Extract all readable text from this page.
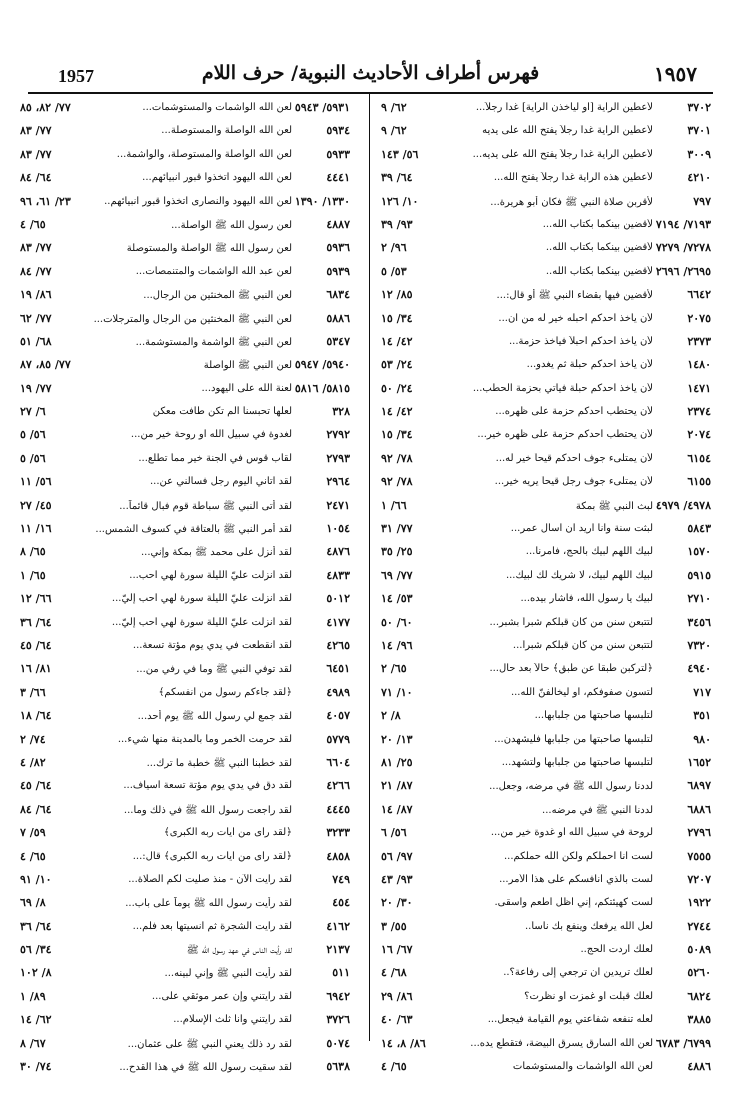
١٩٥٧
فهرس أطراف الأحاديث النبوية/ حرف اللام
1957
٣٧٠٢
لأعطين الراية [أو ليأخذن الراية] غداً رجلاً...
٦٢/ ٩
٣٧٠١
لأعطين الراية غداً رجلاً يفتح الله على يديه
٦٢/ ٩
٣٠٠٩
لأعطين الراية غداً رجلاً يفتح الله على يديه...
٥٦/ ١٤٣
٤٢١٠
لأعطين هذه الراية غداً رجلاً يفتح الله...
٦٤/ ٣٩
٧٩٧
لأقربن صلاة النبي ﷺ فكان أبو هريرة...
١٠/ ١٢٦
٧١٩٣/ ٧١٩٤
لأقضين بينكما بكتاب الله...
٩٣/ ٣٩
٧٢٧٨/ ٧٢٧٩
لأقضين بينكما بكتاب الله..
٩٦/ ٢
٢٦٩٥/ ٢٦٩٦
لأقضين بينكما بكتاب الله..
٥٣/ ٥
٦٦٤٢
لأقضين فيها بقضاء النبي ﷺ أو قال:...
٨٥/ ١٢
٢٠٧٥
لأن يأخذ أحدكم أحبله خير له من أن...
٣٤/ ١٥
٢٣٧٣
لأن يأخذ أحدكم أحبلاً فيأخذ حزمة...
٤٢/ ١٤
١٤٨٠
لأن يأخذ أحدكم حبلة ثم يغدو...
٢٤/ ٥٣
١٤٧١
لأن يأخذ أحدكم حبلة فيأتي بحزمة الحطب...
٢٤/ ٥٠
٢٣٧٤
لأن يحتطب أحدكم حزمة على ظهره...
٤٢/ ١٤
٢٠٧٤
لأن يحتطب أحدكم حزمة على ظهره خير...
٣٤/ ١٥
٦١٥٤
لأن يمتلىء جوف أحدكم قيحاً خير له...
٧٨/ ٩٢
٦١٥٥
لأن يمتلىء جوف رجل قيحاً يريه خير...
٧٨/ ٩٢
٤٩٧٨/ ٤٩٧٩
لبث النبي ﷺ بمكة
٦٦/ ١
٥٨٤٣
لبثت سنة وأنا أريد أن أسأل عمر...
٧٧/ ٣١
١٥٧٠
لبيك اللهم لبيك بالحج، فأمرنا...
٢٥/ ٣٥
٥٩١٥
لبيك اللهم لبيك، لا شريك لك لبيك...
٧٧/ ٦٩
٢٧١٠
لبيك يا رسول الله، فأشار بيده...
٥٣/ ١٤
٣٤٥٦
لتتبعن سنن من كان قبلكم شبراً بشبر...
٦٠/ ٥٠
٧٣٢٠
لتتبعن سنن من كان قبلكم شبراً...
٩٦/ ١٤
٤٩٤٠
﴿لتركبن طبقاً عن طبق﴾ حالاً بعد حال...
٦٥/ ٢
٧١٧
لتسون صفوفكم، أو ليخالفنّ الله...
١٠/ ٧١
٣٥١
لتلبسها صاحبتها من جلبابها...
٨/ ٢
٩٨٠
لتلبسها صاحبتها من جلبابها فليشهدن...
١٣/ ٢٠
١٦٥٢
لتلبسها صاحبتها من جلبابها ولتشهد...
٢٥/ ٨١
٦٨٩٧
لددنا رسول الله ﷺ في مرضه، وجعل...
٨٧/ ٢١
٦٨٨٦
لددنا النبي ﷺ في مرضه...
٨٧/ ١٤
٢٧٩٦
لروحة في سبيل الله أو غدوة خير من...
٥٦/ ٦
٧٥٥٥
لست أنا أحملكم ولكن الله حملكم...
٩٧/ ٥٦
٧٢٠٧
لست بالذي أنافسكم على هذا الأمر...
٩٣/ ٤٣
١٩٢٢
لست كهيئتكم، إني أظل أطعم وأسقى.
٣٠/ ٢٠
٢٧٤٤
لعل الله يرفعك وينفع بك ناساً..
٥٥/ ٣
٥٠٨٩
لعلك أردت الحج..
٦٧/ ١٦
٥٢٦٠
لعلك تريدين أن ترجعي إلى رفاعة؟..
٦٨/ ٤
٦٨٢٤
لعلك قبلت أو غمزت أو نظرت؟
٨٦/ ٢٩
٣٨٨٥
لعله تنفعه شفاعتي يوم القيامة فيجعل...
٦٣/ ٤٠
٦٧٩٩/ ٦٧٨٣
لعن الله السارق يسرق البيضة، فتقطع يده...
٨٦/ ٨، ١٤
٤٨٨٦
لعن الله الواشمات والمستوشمات
٦٥/ ٤
٥٩٣١/ ٥٩٤٣
لعن الله الواشمات والمستوشمات...
٧٧/ ٨٢، ٨٥
٥٩٣٤
لعن الله الواصلة والمستوصلة...
٧٧/ ٨٣
٥٩٣٣
لعن الله الواصلة والمستوصلة، والواشمة...
٧٧/ ٨٣
٤٤٤١
لعن الله اليهود اتخذوا قبور أنبيائهم...
٦٤/ ٨٤
١٣٣٠/ ١٣٩٠
لعن الله اليهود والنصارى اتخذوا قبور أنبيائهم..
٢٣/ ٦١، ٩٦
٤٨٨٧
لعن رسول الله ﷺ الواصلة...
٦٥/ ٤
٥٩٣٦
لعن رسول الله ﷺ الواصلة والمستوصلة
٧٧/ ٨٣
٥٩٣٩
لعن عبد الله الواشمات والمتنمصات...
٧٧/ ٨٤
٦٨٣٤
لعن النبي ﷺ المخنثين من الرجال...
٨٦/ ١٩
٥٨٨٦
لعن النبي ﷺ المخنثين من الرجال والمترجلات...
٧٧/ ٦٢
٥٣٤٧
لعن النبي ﷺ الواشمة والمستوشمة...
٦٨/ ٥١
٥٩٤٠/ ٥٩٤٧
لعن النبي ﷺ الواصلة
٧٧/ ٨٥، ٨٧
٥٨١٥/ ٥٨١٦
لعنة الله على اليهود...
٧٧/ ١٩
٣٢٨
لعلها تحبسنا ألم تكن طافت معكن
٦/ ٢٧
٢٧٩٢
لغدوة في سبيل الله أو روحة خير من...
٥٦/ ٥
٢٧٩٣
لقاب قوس في الجنة خير مما تطلع...
٥٦/ ٥
٢٩٦٤
لقد أتاني اليوم رجل فسألني عن...
٥٦/ ١١
٢٤٧١
لقد أتى النبي ﷺ سباطة قوم فبال قائماً...
٤٥/ ٢٧
١٠٥٤
لقد أمر النبي ﷺ بالعتاقة في كسوف الشمس...
١٦/ ١١
٤٨٧٦
لقد أنزل على محمد ﷺ بمكة وإني...
٦٥/ ٨
٤٨٣٣
لقد أنزلت عليّ الليلة سورة لهي أحب...
٦٥/ ١
٥٠١٢
لقد أنزلت عليّ الليلة سورة لهي أحب إليّ...
٦٦/ ١٢
٤١٧٧
لقد أنزلت عليّ الليلة سورة لهي أحب إليّ...
٦٤/ ٣٦
٤٢٦٥
لقد انقطعت في يدي يوم مؤتة تسعة...
٦٤/ ٤٥
٦٤٥١
لقد توفي النبي ﷺ وما في رفي من...
٨١/ ١٦
٤٩٨٩
﴿لقد جاءكم رسول من أنفسكم﴾
٦٦/ ٣
٤٠٥٧
لقد جمع لي رسول الله ﷺ يوم أحد...
٦٤/ ١٨
٥٧٧٩
لقد حرمت الخمر وما بالمدينة منها شيء...
٧٤/ ٢
٦٦٠٤
لقد خطبنا النبي ﷺ خطبة ما ترك...
٨٢/ ٤
٤٢٦٦
لقد دق في يدي يوم مؤتة تسعة أسياف...
٦٤/ ٤٥
٤٤٤٥
لقد راجعت رسول الله ﷺ في ذلك وما...
٦٤/ ٨٤
٣٢٣٣
﴿لقد رأى من آيات ربه الكبرى﴾
٥٩/ ٧
٤٨٥٨
﴿لقد رأى من آيات ربه الكبرى﴾ قال:...
٦٥/ ٤
٧٤٩
لقد رأيت الآن - منذ صليت لكم الصلاة...
١٠/ ٩١
٤٥٤
لقد رأيت رسول الله ﷺ يوماً على باب...
٨/ ٦٩
٤١٦٢
لقد رأيت الشجرة ثم أنسيتها بعد فلم...
٦٤/ ٣٦
٢١٣٧
لقد رأيت الناس في عهد رسول الله ﷺ
٣٤/ ٥٦
٥١١
لقد رأيت النبي ﷺ وإني لبينه...
٨/ ١٠٢
٦٩٤٢
لقد رأيتني وإن عمر موثقي على...
٨٩/ ١
٣٧٢٦
لقد رأيتني وأنا ثلث الإسلام...
٦٢/ ١٤
٥٠٧٤
لقد رد ذلك يعني النبي ﷺ على عثمان...
٦٧/ ٨
٥٦٣٨
لقد سقيت رسول الله ﷺ في هذا القدح...
٧٤/ ٣٠
